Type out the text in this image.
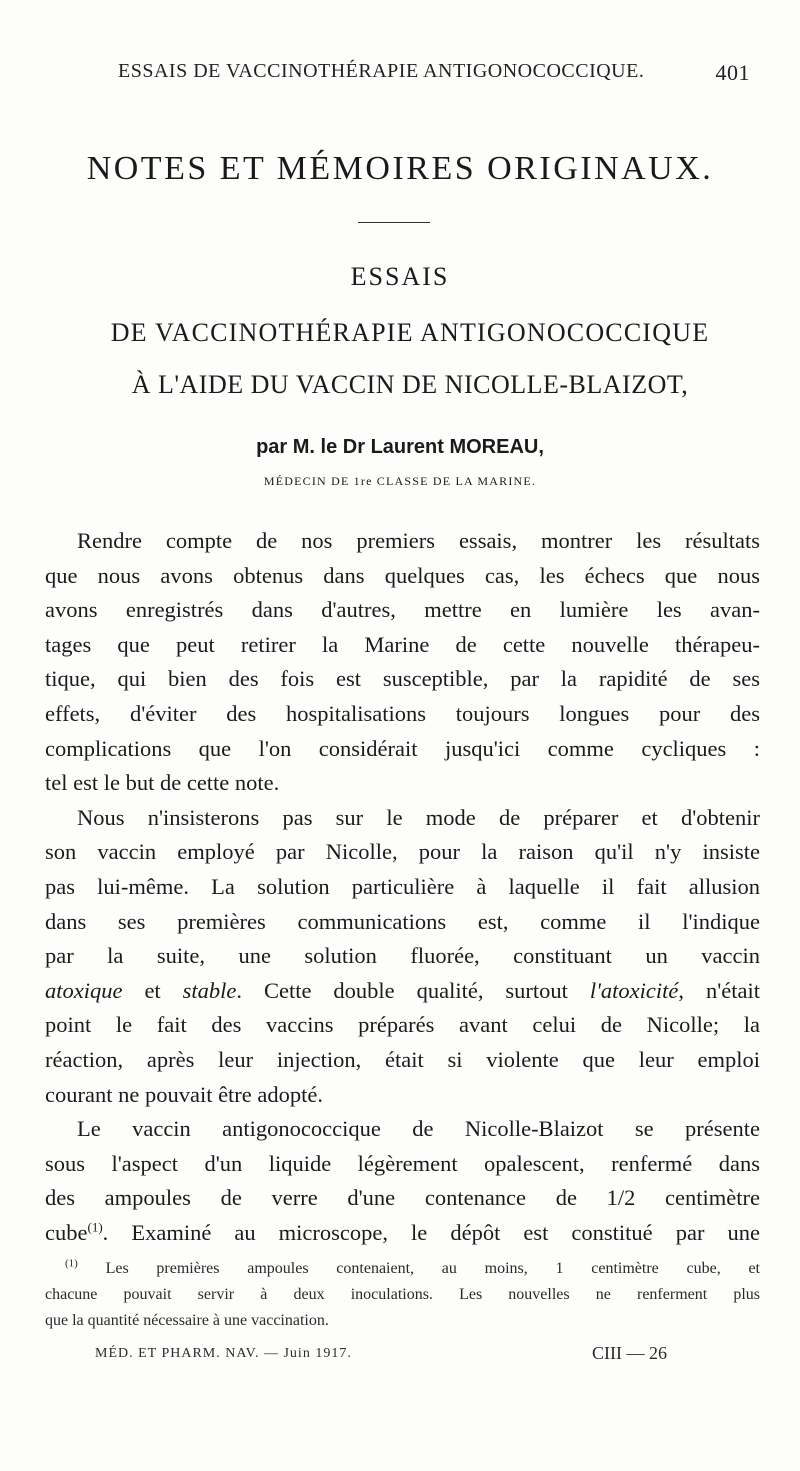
ESSAIS DE VACCINOTHÉRAPIE ANTIGONOCOCCIQUE.	401
NOTES ET MÉMOIRES ORIGINAUX.
ESSAIS
DE VACCINOTHÉRAPIE ANTIGONOCOCCIQUE
À L'AIDE DU VACCIN DE NICOLLE-BLAIZOT,
par M. le Dr Laurent MOREAU,
MÉDECIN DE 1re CLASSE DE LA MARINE.
Rendre compte de nos premiers essais, montrer les résultats
que nous avons obtenus dans quelques cas, les échecs que nous
avons enregistrés dans d'autres, mettre en lumière les avan-
tages que peut retirer la Marine de cette nouvelle thérapeu-
tique, qui bien des fois est susceptible, par la rapidité de ses
effets, d'éviter des hospitalisations toujours longues pour des
complications que l'on considérait jusqu'ici comme cycliques :
tel est le but de cette note.
Nous n'insisterons pas sur le mode de préparer et d'obtenir
son vaccin employé par Nicolle, pour la raison qu'il n'y insiste
pas lui-même. La solution particulière à laquelle il fait allusion
dans ses premières communications est, comme il l'indique
par la suite, une solution fluorée, constituant un vaccin
atoxique et stable. Cette double qualité, surtout l'atoxicité, n'était
point le fait des vaccins préparés avant celui de Nicolle; la
réaction, après leur injection, était si violente que leur emploi
courant ne pouvait être adopté.
Le vaccin antigonococcique de Nicolle-Blaizot se présente
sous l'aspect d'un liquide légèrement opalescent, renfermé dans
des ampoules de verre d'une contenance de 1/2 centimètre
cube$^{(1)}$. Examiné au microscope, le dépôt est constitué par une
$^{(1)}$ Les premières ampoules contenaient, au moins, 1 centimètre cube, et
chacune pouvait servir à deux inoculations. Les nouvelles ne renferment plus
que la quantité nécessaire à une vaccination.
MÉD. ET PHARM. NAV. — Juin 1917.	CIII — 26
